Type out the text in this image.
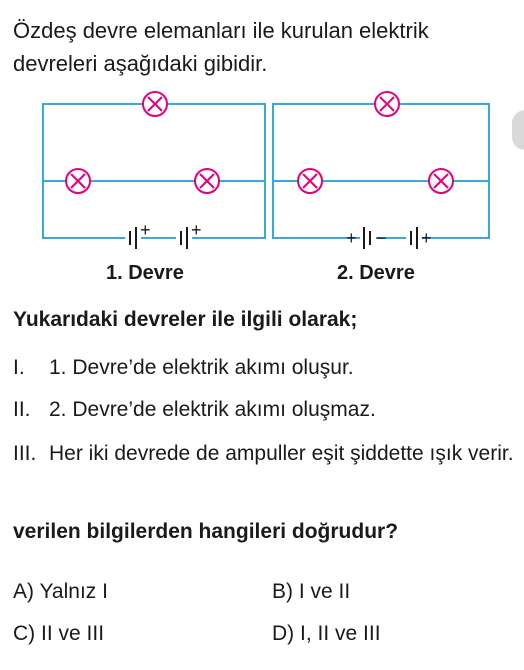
Özdeş devre elemanları ile kurulan elektrik devreleri aşağıdaki gibidir.

+ +	+ − +
1. Devre	2. Devre
Yukarıdaki devreler ile ilgili olarak;
I.	1. Devre’de elektrik akımı oluşur.
II. 2. Devre’de elektrik akımı oluşmaz.
III. Her iki devrede de ampuller eşit şiddette ışık verir.
verilen bilgilerden hangileri doğrudur?
A) Yalnız I	B) I ve II
C) II ve III	D) I, II ve III
